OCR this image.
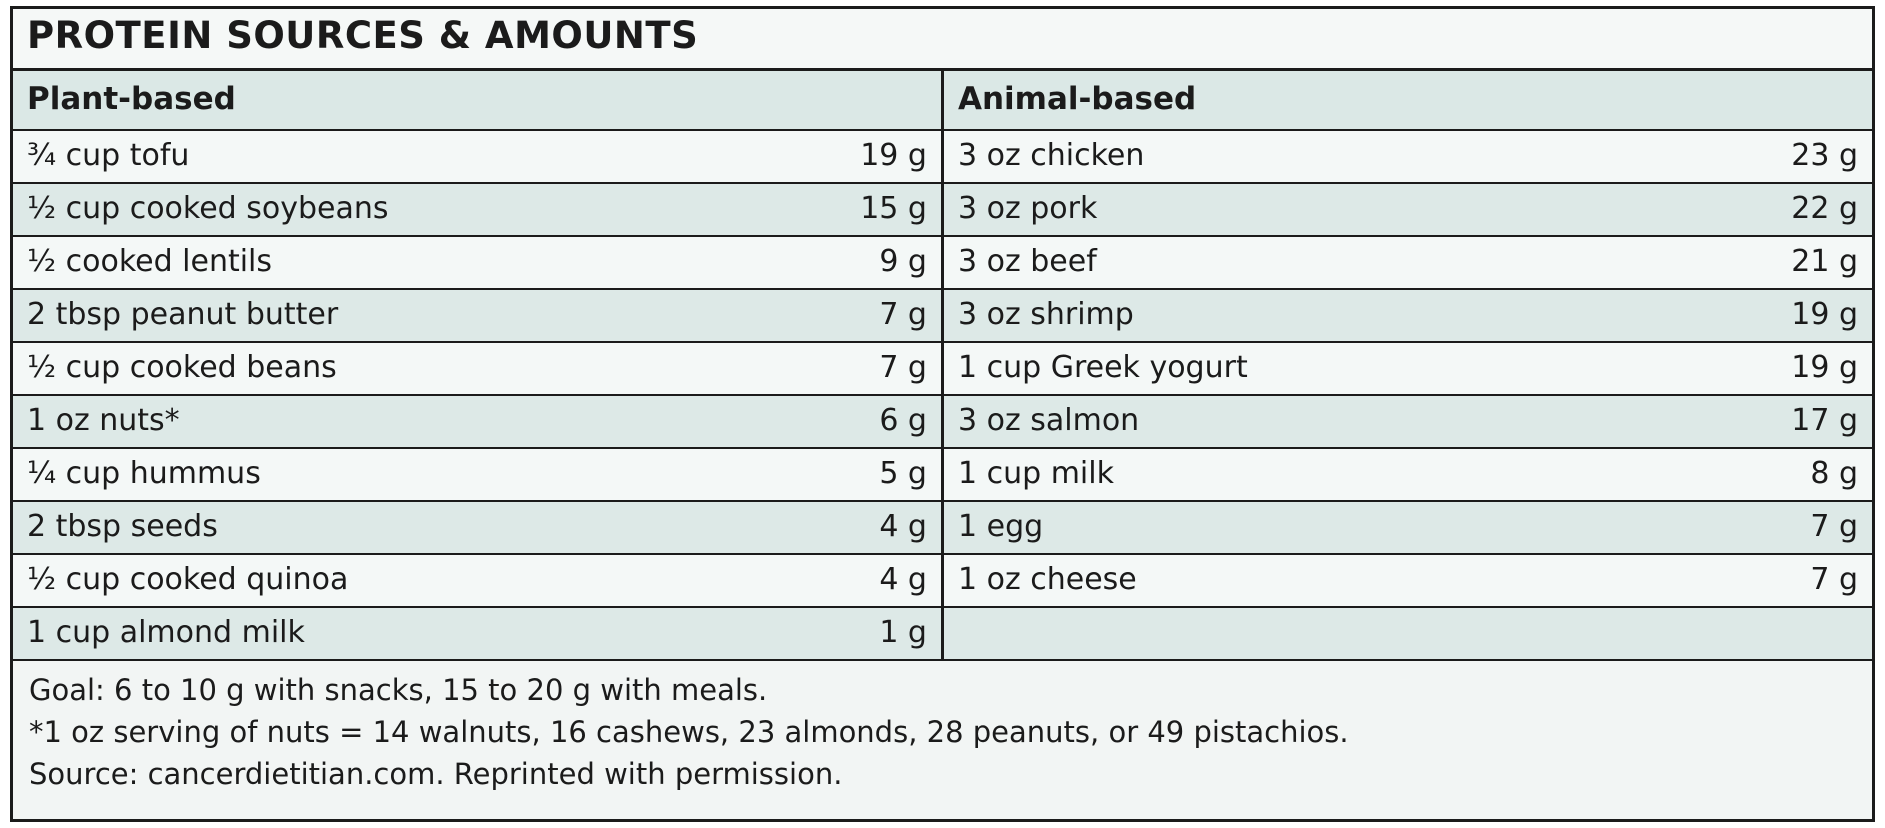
PROTEIN SOURCES & AMOUNTS
Plant-based		Animal-based	
¾ cup tofu	19 g	3 oz chicken	23 g
½ cup cooked soybeans	15 g	3 oz pork	22 g
½ cooked lentils	9 g	3 oz beef	21 g
2 tbsp peanut butter	7 g	3 oz shrimp	19 g
½ cup cooked beans	7 g	1 cup Greek yogurt	19 g
1 oz nuts*	6 g	3 oz salmon	17 g
¼ cup hummus	5 g	1 cup milk	8 g
2 tbsp seeds	4 g	1 egg	7 g
½ cup cooked quinoa	4 g	1 oz cheese	7 g
1 cup almond milk	1 g		

Goal: 6 to 10 g with snacks, 15 to 20 g with meals.

*1 oz serving of nuts = 14 walnuts, 16 cashews, 23 almonds, 28 peanuts, or 49 pistachios.

Source: cancerdietitian.com. Reprinted with permission.
